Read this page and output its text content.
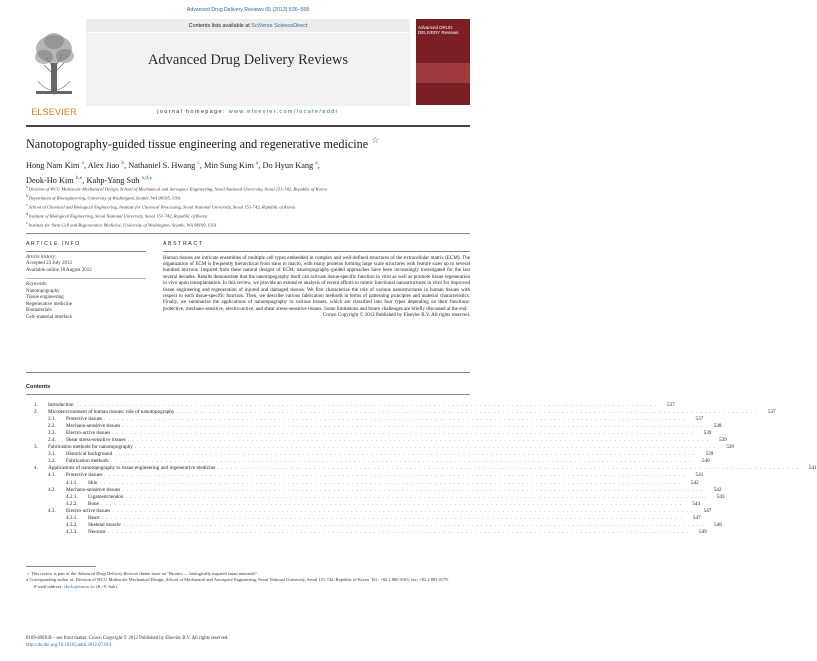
Advanced Drug Delivery Reviews 65 (2013) 536–558
ELSEVIER
Contents lists available at SciVerse ScienceDirect
Advanced Drug Delivery Reviews
journal homepage: www.elsevier.com/locate/addr
Advanced DRUG DELIVERY Reviews
Nanotopography-guided tissue engineering and regenerative medicine ☆
Hong Nam Kim $^a$, Alex Jiao $^b$, Nathaniel S. Hwang $^c$, Min Sung Kim $^a$, Do Hyun Kang $^a$,
Deok-Ho Kim $^{b,e}$, Kahp-Yang Suh $^{a,d,⁎}$
$^a$ Division of WCU Multiscale Mechanical Design, School of Mechanical and Aerospace Engineering, Seoul National University, Seoul 151-742, Republic of Korea
$^b$ Department of Bioengineering, University of Washington, Seattle, WA 98195, USA
$^c$ School of Chemical and Biological Engineering, Institute for Chemical Processing, Seoul National University, Seoul 151-742, Republic of Korea
$^d$ Institute of Biological Engineering, Seoul National University, Seoul 151-742, Republic of Korea
$^e$ Institute for Stem Cell and Regenerative Medicine, University of Washington, Seattle, WA 98109, USA
ARTICLE INFO
Article history:
Accepted 23 July 2012
Available online 18 August 2012
Keywords:
Nanotopography
Tissue engineering
Regenerative medicine
Biomaterials
Cell–material interface
ABSTRACT
Human tissues are intricate ensembles of multiple cell types embedded in complex and well-defined structures of the extracellular matrix (ECM). The organization of ECM is frequently hierarchical from nano to macro, with many proteins forming large scale structures with feature sizes up to several hundred microns. Inspired from these natural designs of ECM, nanotopography-guided approaches have been increasingly investigated for the last several decades. Results demonstrate that the nanotopography itself can activate tissue-specific function in vitro as well as promote tissue regeneration in vivo upon transplantation. In this review, we provide an extensive analysis of recent efforts to mimic functional nanostructures in vitro for improved tissue engineering and regeneration of injured and damaged tissues. We first characterize the role of various nanostructures in human tissues with respect to each tissue-specific function. Then, we describe various fabrication methods in terms of patterning principles and material characteristics. Finally, we summarize the applications of nanotopography to various tissues, which are classified into four types depending on their functions: protective, mechano-sensitive, electro-active, and shear stress-sensitive tissues. Some limitations and future challenges are briefly discussed at the end.
Crown Copyright © 2012 Published by Elsevier B.V. All rights reserved.
Contents
1.	Introduction . . . . . . . . . . . . . . . . . . . . . . . . . . . . . . . . . . . . . . . . . . . . . . . . . . . . . . . . . . . . . . . . . . . . . . . . . . . . . . . . . . . . . . . . . . . . . . . . . . . . . . . . . . . . . . . . . . . . . . . . . . . . . . .	537
2.	Microenvironment of human tissues: role of nanotopography . . . . . . . . . . . . . . . . . . . . . . . . . . . . . . . . . . . . . . . . . . . . . . . . . . . . . . . . . . . . . . . . . . . . . . . . . . . . . . . . . . . . . . . . . . . . . . . . . . . . . . . . . . . . . . . . . . . . . . . . . . . . . . .	537
2.1.	Protective tissues . . . . . . . . . . . . . . . . . . . . . . . . . . . . . . . . . . . . . . . . . . . . . . . . . . . . . . . . . . . . . . . . . . . . . . . . . . . . . . . . . . . . . . . . . . . . . . . . . . . . . . . . . . . . . . . . . . . . . . . . . . . . . . .	537
2.2.	Mechano-sensitive tissues . . . . . . . . . . . . . . . . . . . . . . . . . . . . . . . . . . . . . . . . . . . . . . . . . . . . . . . . . . . . . . . . . . . . . . . . . . . . . . . . . . . . . . . . . . . . . . . . . . . . . . . . . . . . . . . . . . . . . . . . . . . . . . .	538
2.3.	Electro-active tissues . . . . . . . . . . . . . . . . . . . . . . . . . . . . . . . . . . . . . . . . . . . . . . . . . . . . . . . . . . . . . . . . . . . . . . . . . . . . . . . . . . . . . . . . . . . . . . . . . . . . . . . . . . . . . . . . . . . . . . . . . . . . . . .	539
2.4.	Shear stress-sensitive tissues . . . . . . . . . . . . . . . . . . . . . . . . . . . . . . . . . . . . . . . . . . . . . . . . . . . . . . . . . . . . . . . . . . . . . . . . . . . . . . . . . . . . . . . . . . . . . . . . . . . . . . . . . . . . . . . . . . . . . . . . . . . . . . .	539
3.	Fabrication methods for nanotopography . . . . . . . . . . . . . . . . . . . . . . . . . . . . . . . . . . . . . . . . . . . . . . . . . . . . . . . . . . . . . . . . . . . . . . . . . . . . . . . . . . . . . . . . . . . . . . . . . . . . . . . . . . . . . . . . . . . . . . . . . . . . . . .	539
3.1.	Historical background . . . . . . . . . . . . . . . . . . . . . . . . . . . . . . . . . . . . . . . . . . . . . . . . . . . . . . . . . . . . . . . . . . . . . . . . . . . . . . . . . . . . . . . . . . . . . . . . . . . . . . . . . . . . . . . . . . . . . . . . . . . . . . .	539
3.2.	Fabrication methods . . . . . . . . . . . . . . . . . . . . . . . . . . . . . . . . . . . . . . . . . . . . . . . . . . . . . . . . . . . . . . . . . . . . . . . . . . . . . . . . . . . . . . . . . . . . . . . . . . . . . . . . . . . . . . . . . . . . . . . . . . . . . . .	540
4.	Applications of nanotopography to tissue engineering and regenerative medicine . . . . . . . . . . . . . . . . . . . . . . . . . . . . . . . . . . . . . . . . . . . . . . . . . . . . . . . . . . . . . . . . . . . . . . . . . . . . . . . . . . . . . . . . . . . . . . . . . . . . . . . . . . . . . . . . . . . . . . . . . . . . . . .	541
4.1.	Protective tissues . . . . . . . . . . . . . . . . . . . . . . . . . . . . . . . . . . . . . . . . . . . . . . . . . . . . . . . . . . . . . . . . . . . . . . . . . . . . . . . . . . . . . . . . . . . . . . . . . . . . . . . . . . . . . . . . . . . . . . . . . . . . . . .	541
4.1.1.	Skin . . . . . . . . . . . . . . . . . . . . . . . . . . . . . . . . . . . . . . . . . . . . . . . . . . . . . . . . . . . . . . . . . . . . . . . . . . . . . . . . . . . . . . . . . . . . . . . . . . . . . . . . . . . . . . . . . . . . . . . . . . . . . . .	542
4.2.	Mechano-sensitive tissues . . . . . . . . . . . . . . . . . . . . . . . . . . . . . . . . . . . . . . . . . . . . . . . . . . . . . . . . . . . . . . . . . . . . . . . . . . . . . . . . . . . . . . . . . . . . . . . . . . . . . . . . . . . . . . . . . . . . . . . . . . . . . . .	542
4.2.1.	Ligament/tendon . . . . . . . . . . . . . . . . . . . . . . . . . . . . . . . . . . . . . . . . . . . . . . . . . . . . . . . . . . . . . . . . . . . . . . . . . . . . . . . . . . . . . . . . . . . . . . . . . . . . . . . . . . . . . . . . . . . . . . . . . . . . . . .	543
4.2.2.	Bone . . . . . . . . . . . . . . . . . . . . . . . . . . . . . . . . . . . . . . . . . . . . . . . . . . . . . . . . . . . . . . . . . . . . . . . . . . . . . . . . . . . . . . . . . . . . . . . . . . . . . . . . . . . . . . . . . . . . . . . . . . . . . . .	544
4.3.	Electro-active tissues . . . . . . . . . . . . . . . . . . . . . . . . . . . . . . . . . . . . . . . . . . . . . . . . . . . . . . . . . . . . . . . . . . . . . . . . . . . . . . . . . . . . . . . . . . . . . . . . . . . . . . . . . . . . . . . . . . . . . . . . . . . . . . .	547
4.3.1.	Heart . . . . . . . . . . . . . . . . . . . . . . . . . . . . . . . . . . . . . . . . . . . . . . . . . . . . . . . . . . . . . . . . . . . . . . . . . . . . . . . . . . . . . . . . . . . . . . . . . . . . . . . . . . . . . . . . . . . . . . . . . . . . . . .	547
4.3.2.	Skeletal muscle . . . . . . . . . . . . . . . . . . . . . . . . . . . . . . . . . . . . . . . . . . . . . . . . . . . . . . . . . . . . . . . . . . . . . . . . . . . . . . . . . . . . . . . . . . . . . . . . . . . . . . . . . . . . . . . . . . . . . . . . . . . . . . .	548
4.3.3.	Neurons . . . . . . . . . . . . . . . . . . . . . . . . . . . . . . . . . . . . . . . . . . . . . . . . . . . . . . . . . . . . . . . . . . . . . . . . . . . . . . . . . . . . . . . . . . . . . . . . . . . . . . . . . . . . . . . . . . . . . . . . . . . . . . .	549
☆ This review is part of the Advanced Drug Delivery Reviews theme issue on "Bionics — biologically inspired smart materials".
⁎ Corresponding author at: Division of WCU Multiscale Mechanical Design, School of Mechanical and Aerospace Engineering, Seoul National University, Seoul 151-742, Republic of Korea. Tel.: +82 2 880 9103; fax: +82 2 883 0179.
E-mail address: sky4u@snu.ac.kr (K.-Y. Suh).
0169-409X/$ – see front matter. Crown Copyright © 2012 Published by Elsevier B.V. All rights reserved.
http://dx.doi.org/10.1016/j.addr.2012.07.014
